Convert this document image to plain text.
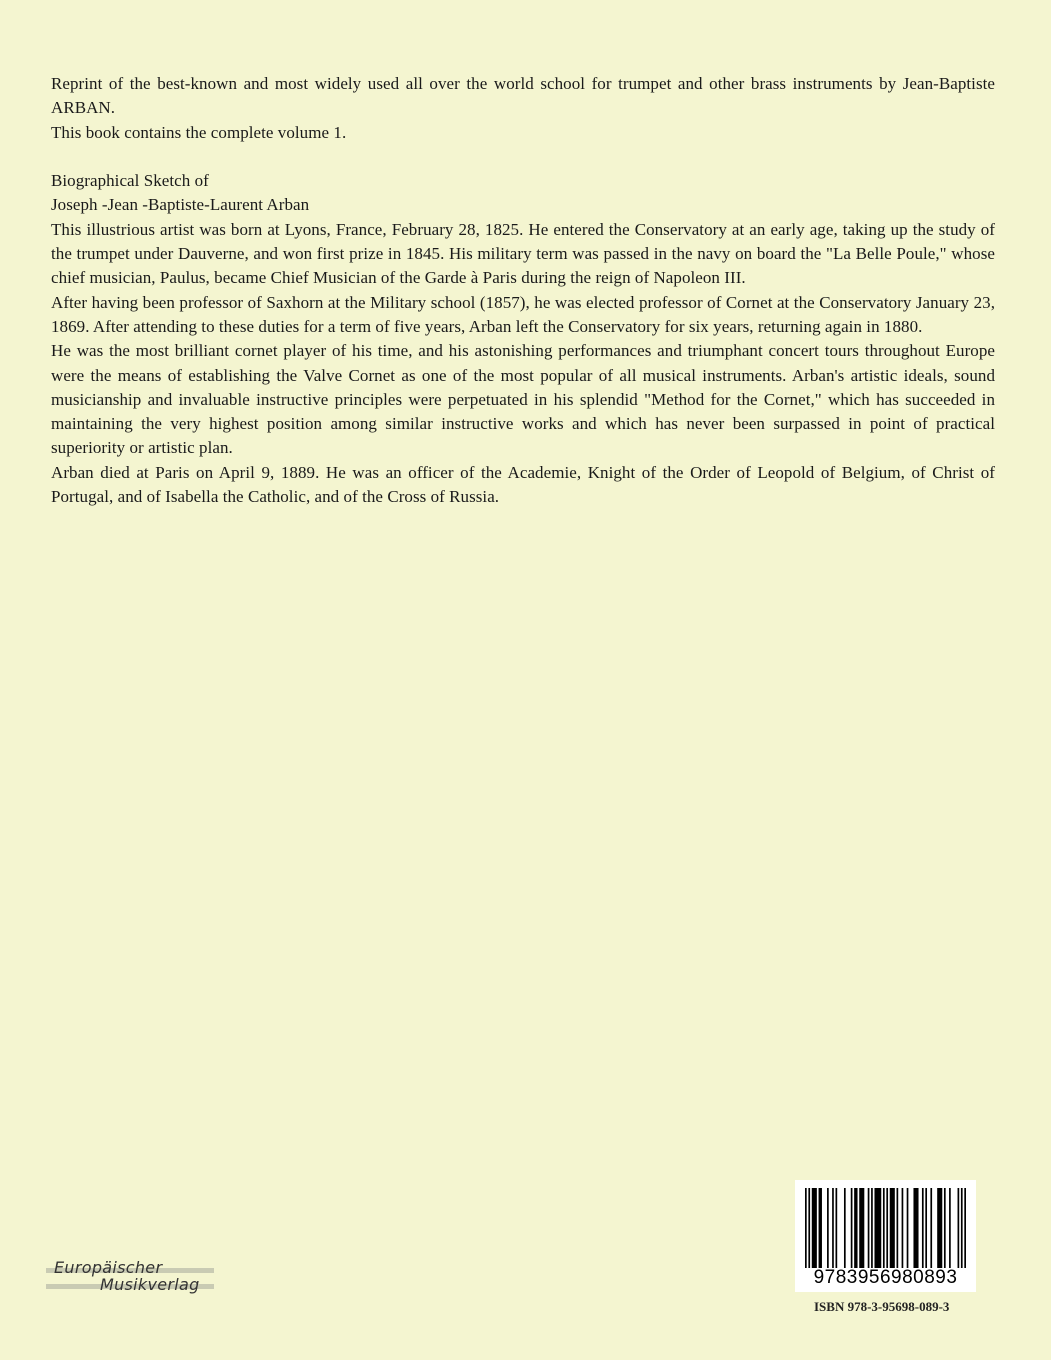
Reprint of the best-known and most widely used all over the world school for trumpet and other brass instruments by Jean-Baptiste ARBAN.

This book contains the complete volume 1.

Biographical Sketch of

Joseph -Jean -Baptiste-Laurent Arban

This illustrious artist was born at Lyons, France, February 28, 1825. He entered the Conservatory at an early age, taking up the study of the trumpet under Dauverne, and won first prize in 1845. His military term was passed in the navy on board the "La Belle Poule," whose chief musician, Paulus, became Chief Musician of the Garde à Paris during the reign of Napoleon III.

After having been professor of Saxhorn at the Military school (1857), he was elected professor of Cornet at the Conservatory January 23, 1869. After attending to these duties for a term of five years, Arban left the Conservatory for six years, returning again in 1880.

He was the most brilliant cornet player of his time, and his astonishing performances and triumphant concert tours throughout Europe were the means of establishing the Valve Cornet as one of the most popular of all musical instruments. Arban's artistic ideals, sound musicianship and invaluable instructive principles were perpetuated in his splendid "Method for the Cornet," which has succeeded in maintaining the very highest position among similar instructive works and which has never been surpassed in point of practical superiority or artistic plan.

Arban died at Paris on April 9, 1889. He was an officer of the Academie, Knight of the Order of Leopold of Belgium, of Christ of Portugal, and of Isabella the Catholic, and of the Cross of Russia.

Europäischer
Musikverlag	9783956980893
ISBN 978-3-95698-089-3
